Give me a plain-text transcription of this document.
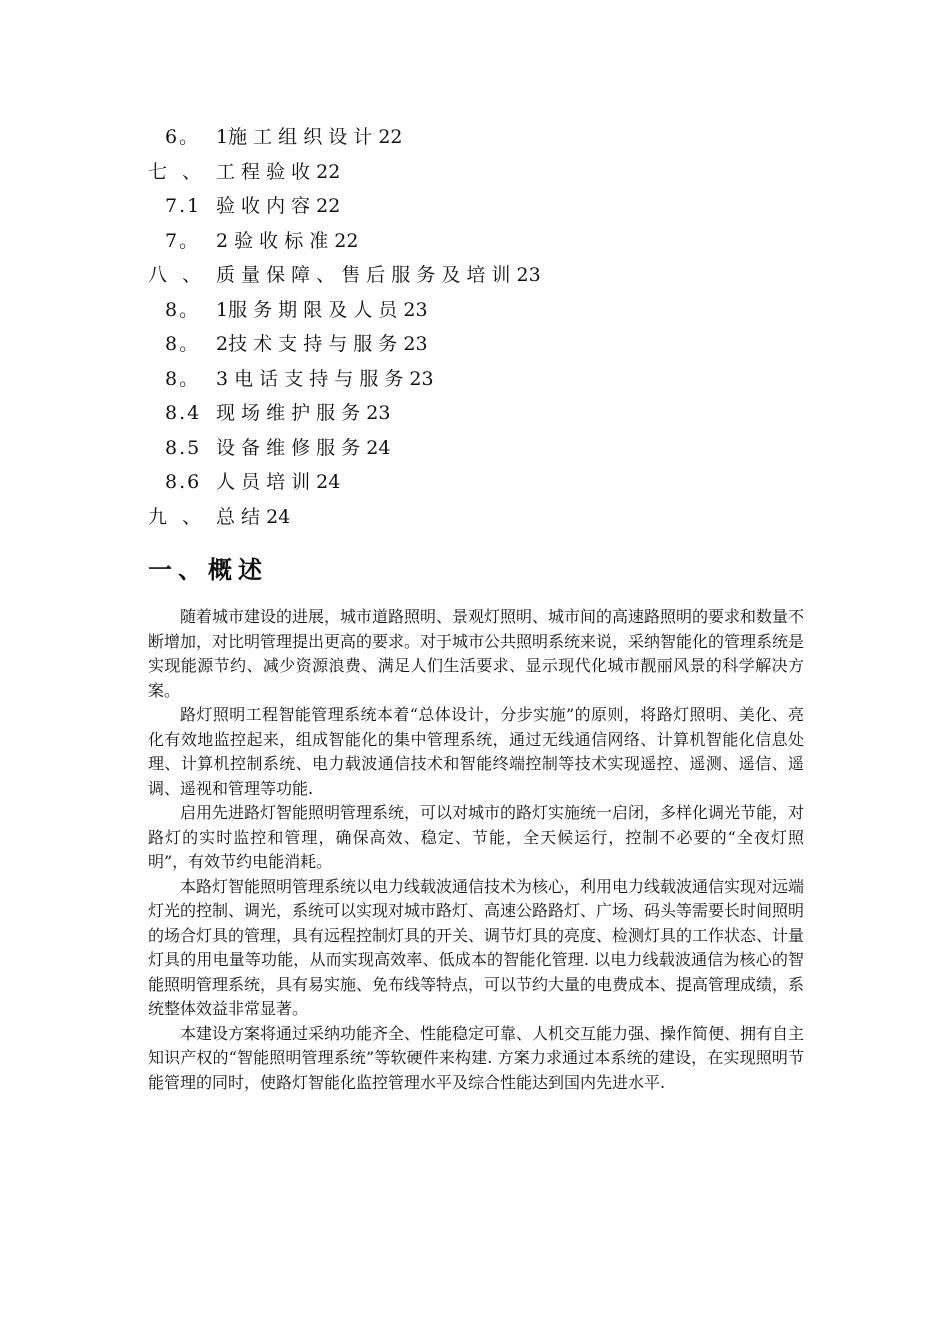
6。 1施 工 组 织 设 计 22
七、 工 程 验 收 22
7.1 验 收 内 容 22
7。 2 验 收 标 准 22
八、 质 量 保 障 、 售 后 服 务 及 培 训 23
8。 1服 务 期 限 及 人 员 23
8。 2技 术 支 持 与 服 务 23
8。 3 电 话 支 持 与 服 务 23
8.4 现 场 维 护 服 务 23
8.5 设 备 维 修 服 务 24
8.6 人 员 培 训 24
九、 总 结 24
一、概述

随着城市建设的进展，城市道路照明、景观灯照明、城市间的高速路照明的要求和数量不断增加，对比明管理提出更高的要求。对于城市公共照明系统来说，采纳智能化的管理系统是实现能源节约、减少资源浪费、满足人们生活要求、显示现代化城市靓丽风景的科学解决方案。

路灯照明工程智能管理系统本着“总体设计，分步实施”的原则，将路灯照明、美化、亮化有效地监控起来，组成智能化的集中管理系统，通过无线通信网络、计算机智能化信息处理、计算机控制系统、电力载波通信技术和智能终端控制等技术实现遥控、遥测、遥信、遥调、遥视和管理等功能.

启用先进路灯智能照明管理系统，可以对城市的路灯实施统一启闭，多样化调光节能，对路灯的实时监控和管理，确保高效、稳定、节能，全天候运行，控制不必要的“全夜灯照明”，有效节约电能消耗。

本路灯智能照明管理系统以电力线载波通信技术为核心，利用电力线载波通信实现对远端灯光的控制、调光，系统可以实现对城市路灯、高速公路路灯、广场、码头等需要长时间照明的场合灯具的管理，具有远程控制灯具的开关、调节灯具的亮度、检测灯具的工作状态、计量灯具的用电量等功能，从而实现高效率、低成本的智能化管理. 以电力线载波通信为核心的智能照明管理系统，具有易实施、免布线等特点，可以节约大量的电费成本、提高管理成绩，系统整体效益非常显著。

本建设方案将通过采纳功能齐全、性能稳定可靠、人机交互能力强、操作简便、拥有自主知识产权的“智能照明管理系统”等软硬件来构建. 方案力求通过本系统的建设，在实现照明节能管理的同时，使路灯智能化监控管理水平及综合性能达到国内先进水平.
